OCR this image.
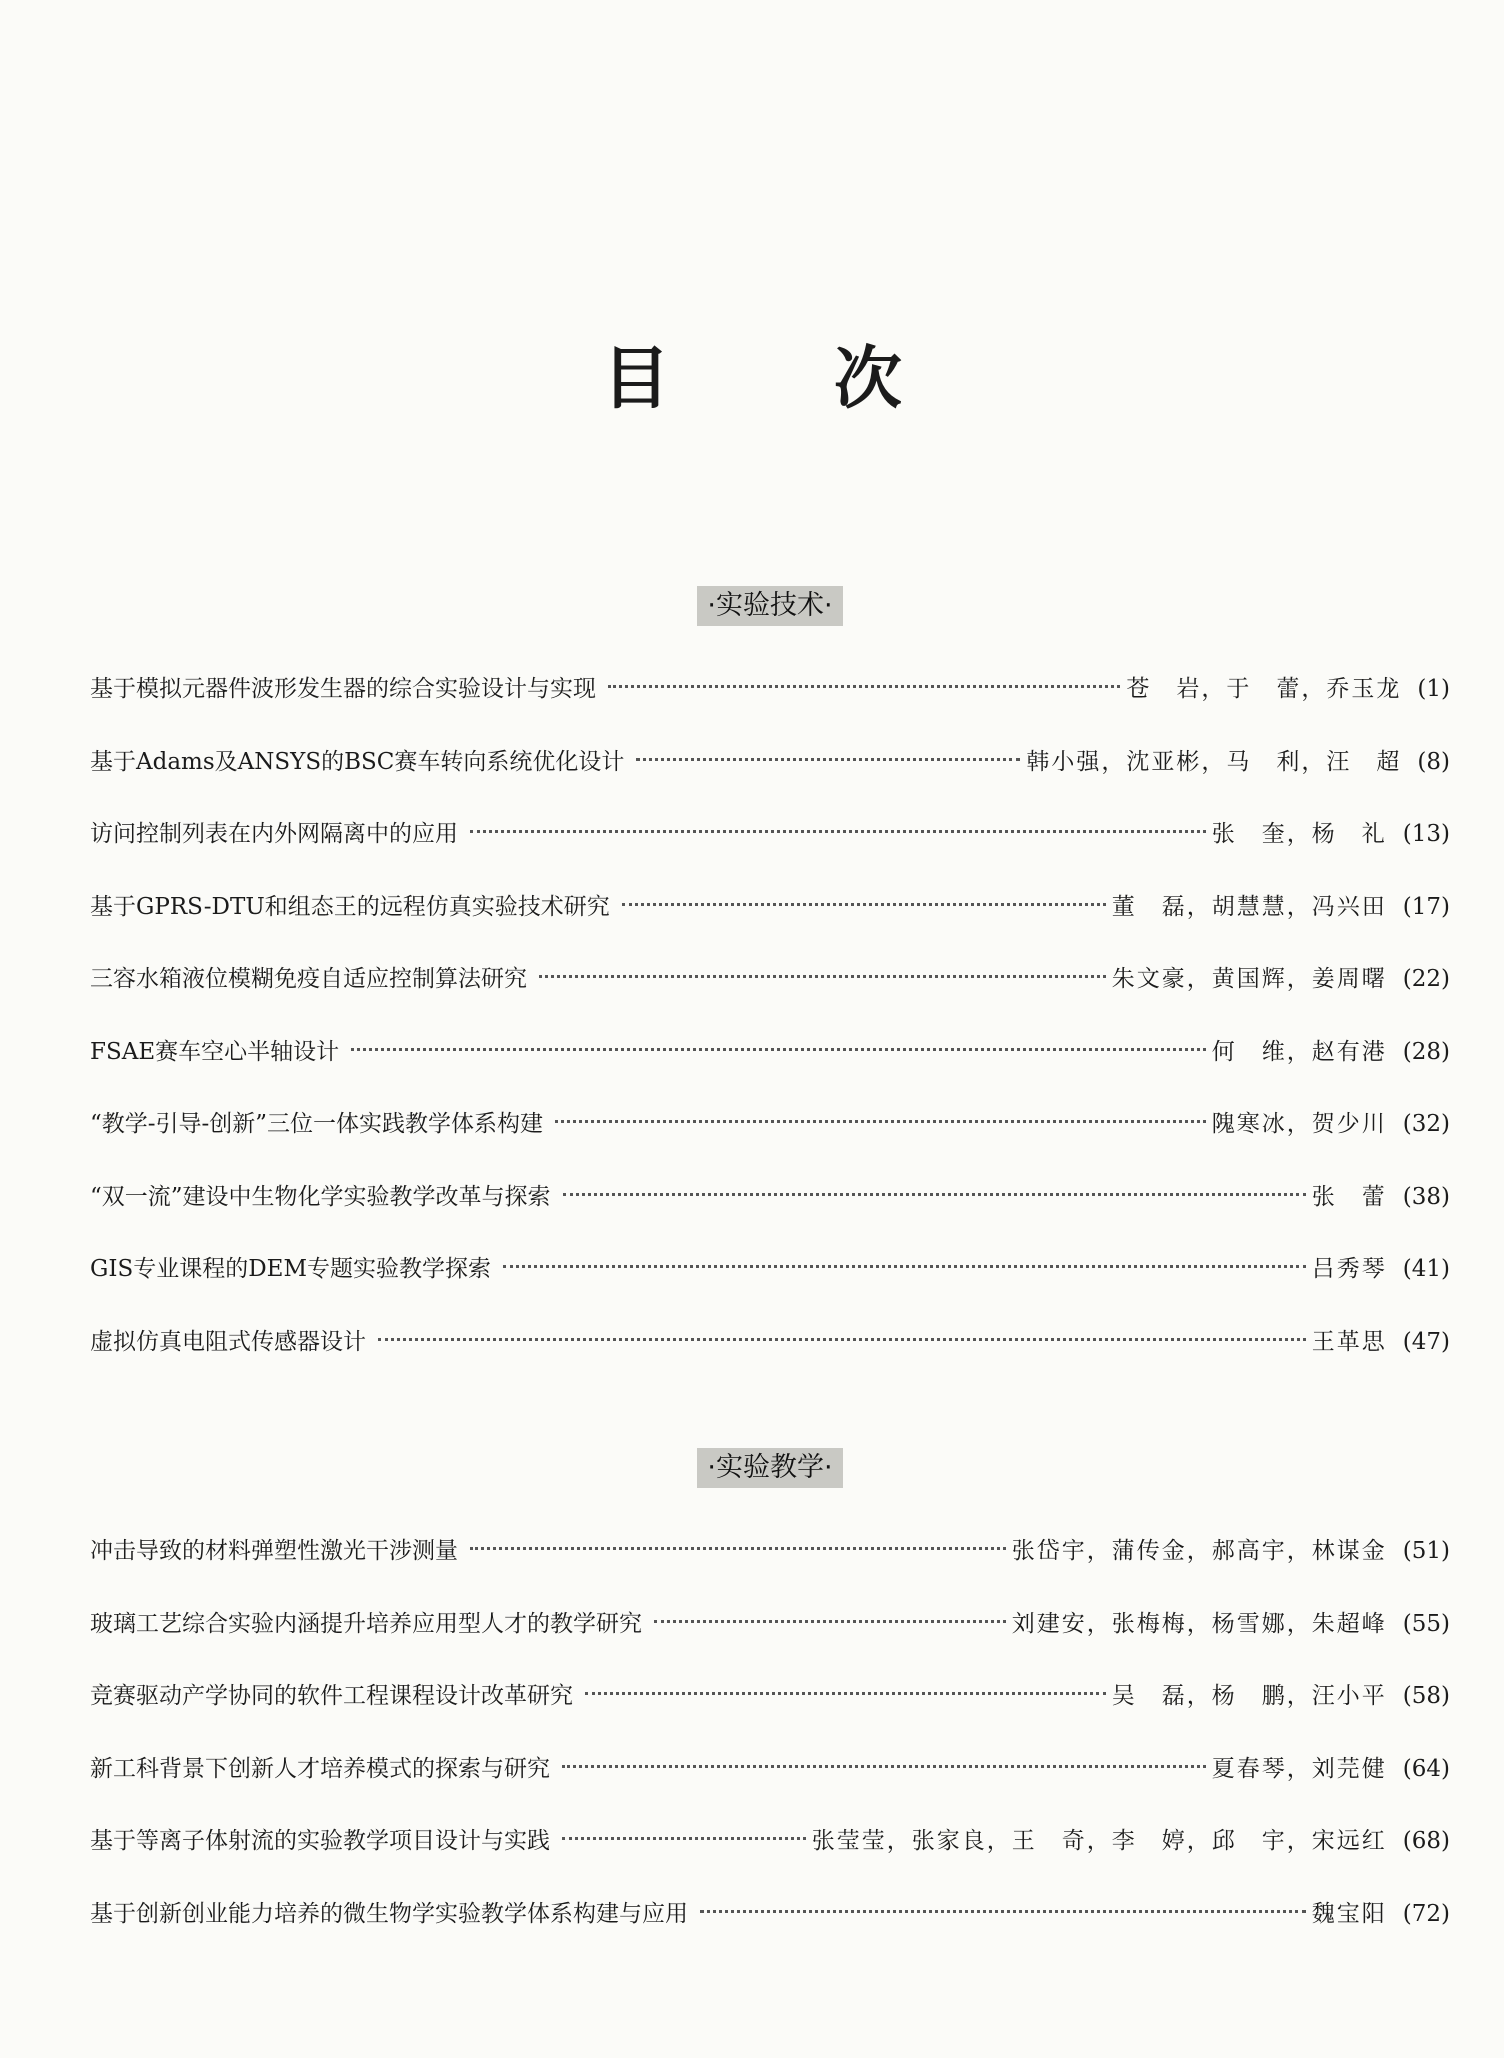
目 次
·实验技术·
基于模拟元器件波形发生器的综合实验设计与实现	苍　岩，于　蕾，乔玉龙 (1)
基于Adams及ANSYS的BSC赛车转向系统优化设计	韩小强，沈亚彬，马　利，汪　超 (8)
访问控制列表在内外网隔离中的应用	张　奎，杨　礼 (13)
基于GPRS-DTU和组态王的远程仿真实验技术研究	董　磊，胡慧慧，冯兴田 (17)
三容水箱液位模糊免疫自适应控制算法研究	朱文豪，黄国辉，姜周曙 (22)
FSAE赛车空心半轴设计	何　维，赵有港 (28)
“教学-引导-创新”三位一体实践教学体系构建	隗寒冰，贺少川 (32)
“双一流”建设中生物化学实验教学改革与探索	张　蕾 (38)
GIS专业课程的DEM专题实验教学探索	吕秀琴 (41)
虚拟仿真电阻式传感器设计	王革思 (47)
·实验教学·
冲击导致的材料弹塑性激光干涉测量	张岱宇，蒲传金，郝高宇，林谋金 (51)
玻璃工艺综合实验内涵提升培养应用型人才的教学研究	刘建安，张梅梅，杨雪娜，朱超峰 (55)
竞赛驱动产学协同的软件工程课程设计改革研究	吴　磊，杨　鹏，汪小平 (58)
新工科背景下创新人才培养模式的探索与研究	夏春琴，刘芫健 (64)
基于等离子体射流的实验教学项目设计与实践	张莹莹，张家良，王　奇，李　婷，邱　宇，宋远红 (68)
基于创新创业能力培养的微生物学实验教学体系构建与应用	魏宝阳 (72)
